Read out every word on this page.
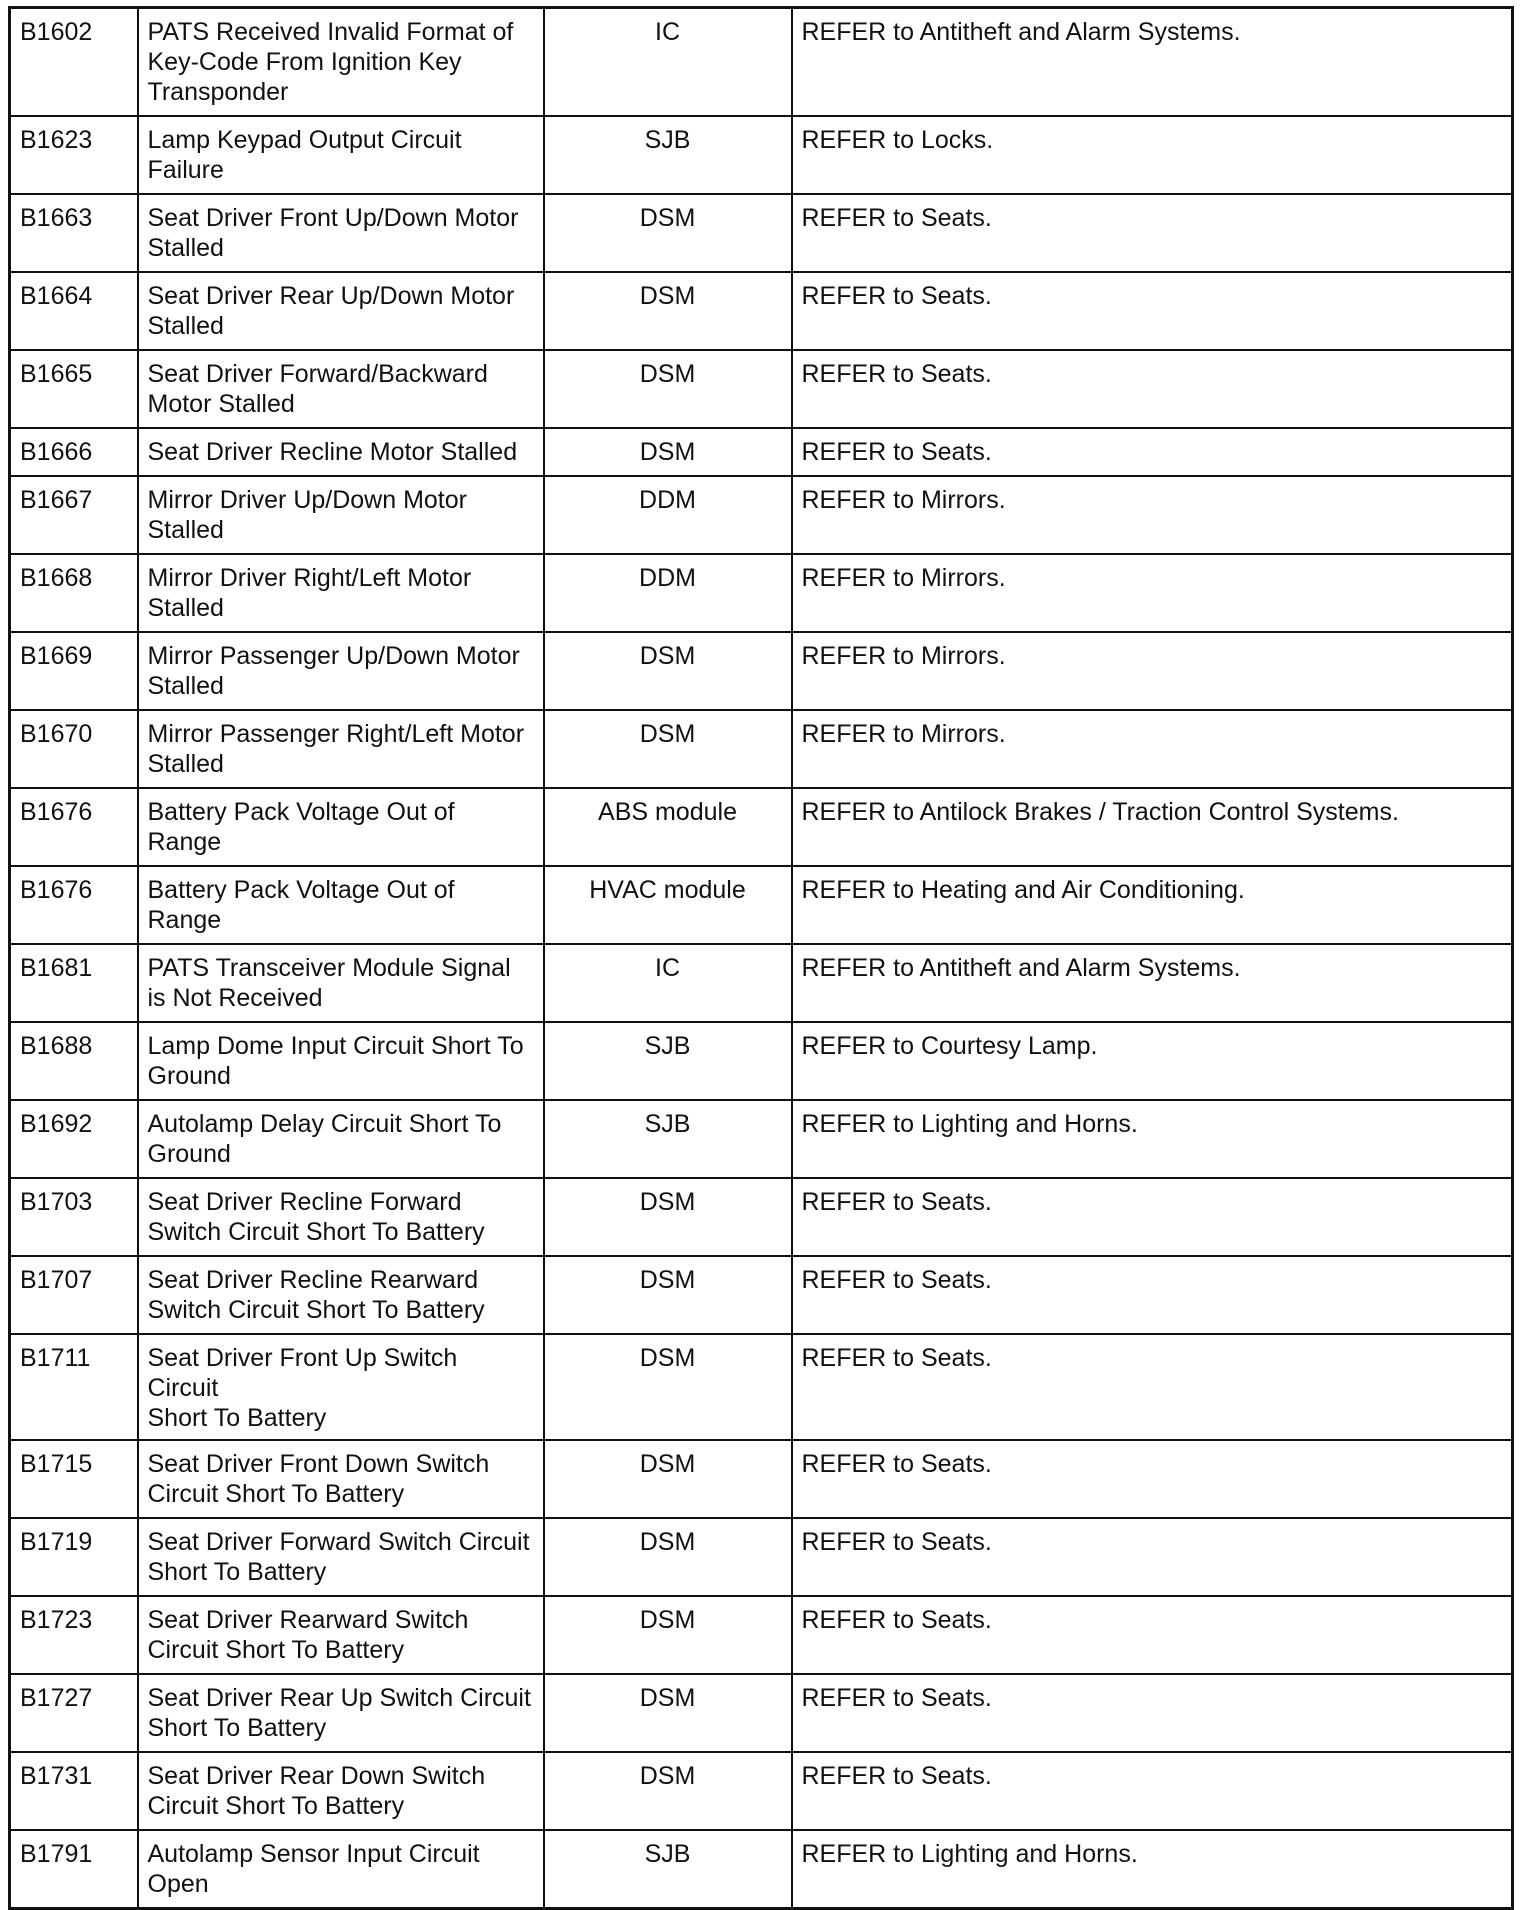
B1602	PATS Received Invalid Format of
Key-Code From Ignition Key
Transponder	IC	REFER to Antitheft and Alarm Systems.
B1623	Lamp Keypad Output Circuit
Failure	SJB	REFER to Locks.
B1663	Seat Driver Front Up/Down Motor
Stalled	DSM	REFER to Seats.
B1664	Seat Driver Rear Up/Down Motor
Stalled	DSM	REFER to Seats.
B1665	Seat Driver Forward/Backward
Motor Stalled	DSM	REFER to Seats.
B1666	Seat Driver Recline Motor Stalled	DSM	REFER to Seats.
B1667	Mirror Driver Up/Down Motor
Stalled	DDM	REFER to Mirrors.
B1668	Mirror Driver Right/Left Motor
Stalled	DDM	REFER to Mirrors.
B1669	Mirror Passenger Up/Down Motor
Stalled	DSM	REFER to Mirrors.
B1670	Mirror Passenger Right/Left Motor
Stalled	DSM	REFER to Mirrors.
B1676	Battery Pack Voltage Out of
Range	ABS module	REFER to Antilock Brakes / Traction Control Systems.
B1676	Battery Pack Voltage Out of
Range	HVAC module	REFER to Heating and Air Conditioning.
B1681	PATS Transceiver Module Signal
is Not Received	IC	REFER to Antitheft and Alarm Systems.
B1688	Lamp Dome Input Circuit Short To
Ground	SJB	REFER to Courtesy Lamp.
B1692	Autolamp Delay Circuit Short To
Ground	SJB	REFER to Lighting and Horns.
B1703	Seat Driver Recline Forward
Switch Circuit Short To Battery	DSM	REFER to Seats.
B1707	Seat Driver Recline Rearward
Switch Circuit Short To Battery	DSM	REFER to Seats.
B1711	Seat Driver Front Up Switch Circuit
Short To Battery	DSM	REFER to Seats.
B1715	Seat Driver Front Down Switch
Circuit Short To Battery	DSM	REFER to Seats.
B1719	Seat Driver Forward Switch Circuit
Short To Battery	DSM	REFER to Seats.
B1723	Seat Driver Rearward Switch
Circuit Short To Battery	DSM	REFER to Seats.
B1727	Seat Driver Rear Up Switch Circuit
Short To Battery	DSM	REFER to Seats.
B1731	Seat Driver Rear Down Switch
Circuit Short To Battery	DSM	REFER to Seats.
B1791	Autolamp Sensor Input Circuit
Open	SJB	REFER to Lighting and Horns.
